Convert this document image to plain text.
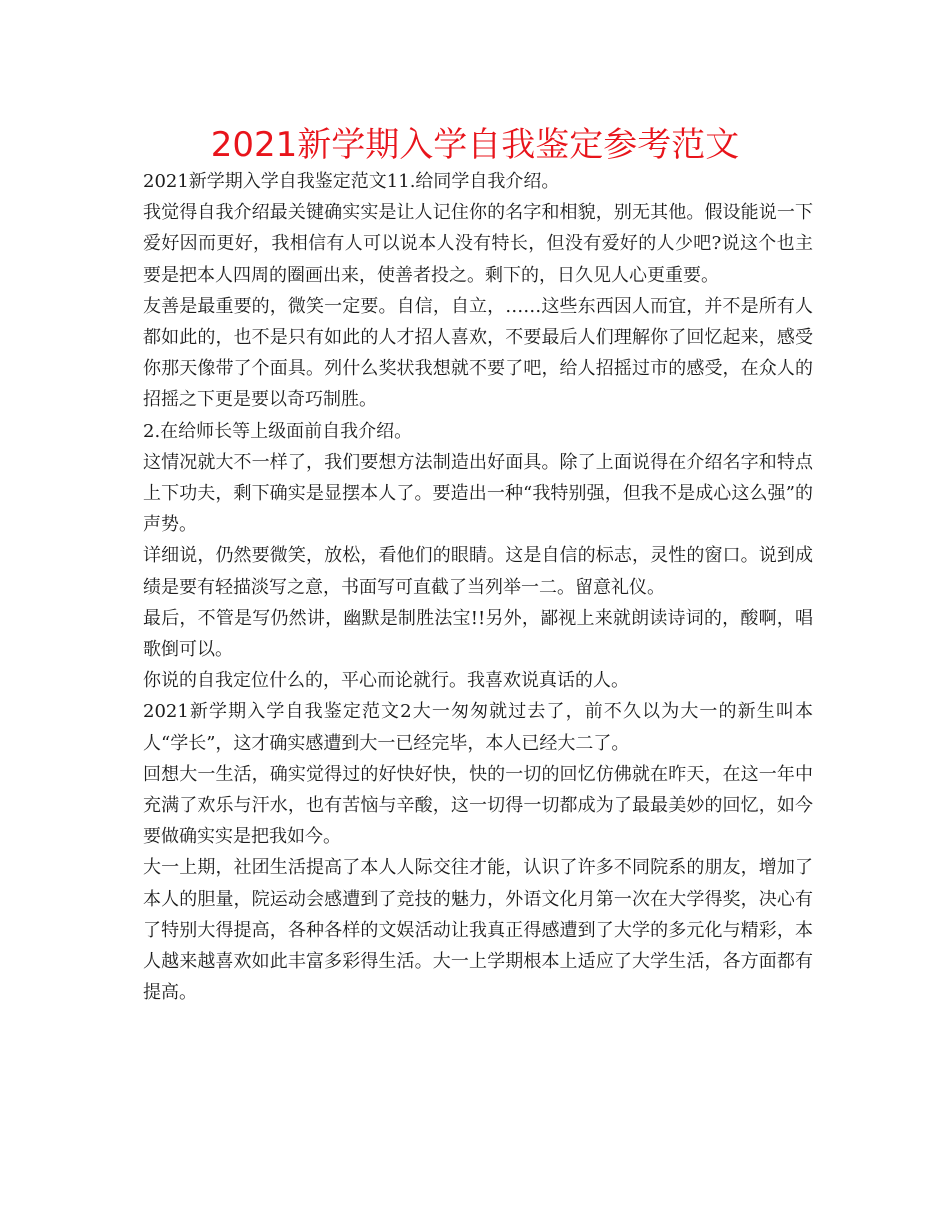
2021新学期入学自我鉴定参考范文

2021新学期入学自我鉴定范文11.给同学自我介绍。

我觉得自我介绍最关键确实实是让人记住你的名字和相貌，别无其他。假设能说一下爱好因而更好，我相信有人可以说本人没有特长，但没有爱好的人少吧?说这个也主要是把本人四周的圈画出来，使善者投之。剩下的，日久见人心更重要。

友善是最重要的，微笑一定要。自信，自立，……这些东西因人而宜，并不是所有人都如此的，也不是只有如此的人才招人喜欢，不要最后人们理解你了回忆起来，感受你那天像带了个面具。列什么奖状我想就不要了吧，给人招摇过市的感受，在众人的招摇之下更是要以奇巧制胜。

2.在给师长等上级面前自我介绍。

这情况就大不一样了，我们要想方法制造出好面具。除了上面说得在介绍名字和特点上下功夫，剩下确实是显摆本人了。要造出一种“我特别强，但我不是成心这么强”的声势。

详细说，仍然要微笑，放松，看他们的眼睛。这是自信的标志，灵性的窗口。说到成绩是要有轻描淡写之意，书面写可直截了当列举一二。留意礼仪。

最后，不管是写仍然讲，幽默是制胜法宝!!另外，鄙视上来就朗读诗词的，酸啊，唱歌倒可以。

你说的自我定位什么的，平心而论就行。我喜欢说真话的人。

2021新学期入学自我鉴定范文2大一匆匆就过去了，前不久以为大一的新生叫本人“学长”，这才确实感遭到大一已经完毕，本人已经大二了。

回想大一生活，确实觉得过的好快好快，快的一切的回忆仿佛就在昨天，在这一年中充满了欢乐与汗水，也有苦恼与辛酸，这一切得一切都成为了最最美妙的回忆，如今要做确实实是把我如今。

大一上期，社团生活提高了本人人际交往才能，认识了许多不同院系的朋友，增加了本人的胆量，院运动会感遭到了竞技的魅力，外语文化月第一次在大学得奖，决心有了特别大得提高，各种各样的文娱活动让我真正得感遭到了大学的多元化与精彩，本人越来越喜欢如此丰富多彩得生活。大一上学期根本上适应了大学生活，各方面都有提高。
